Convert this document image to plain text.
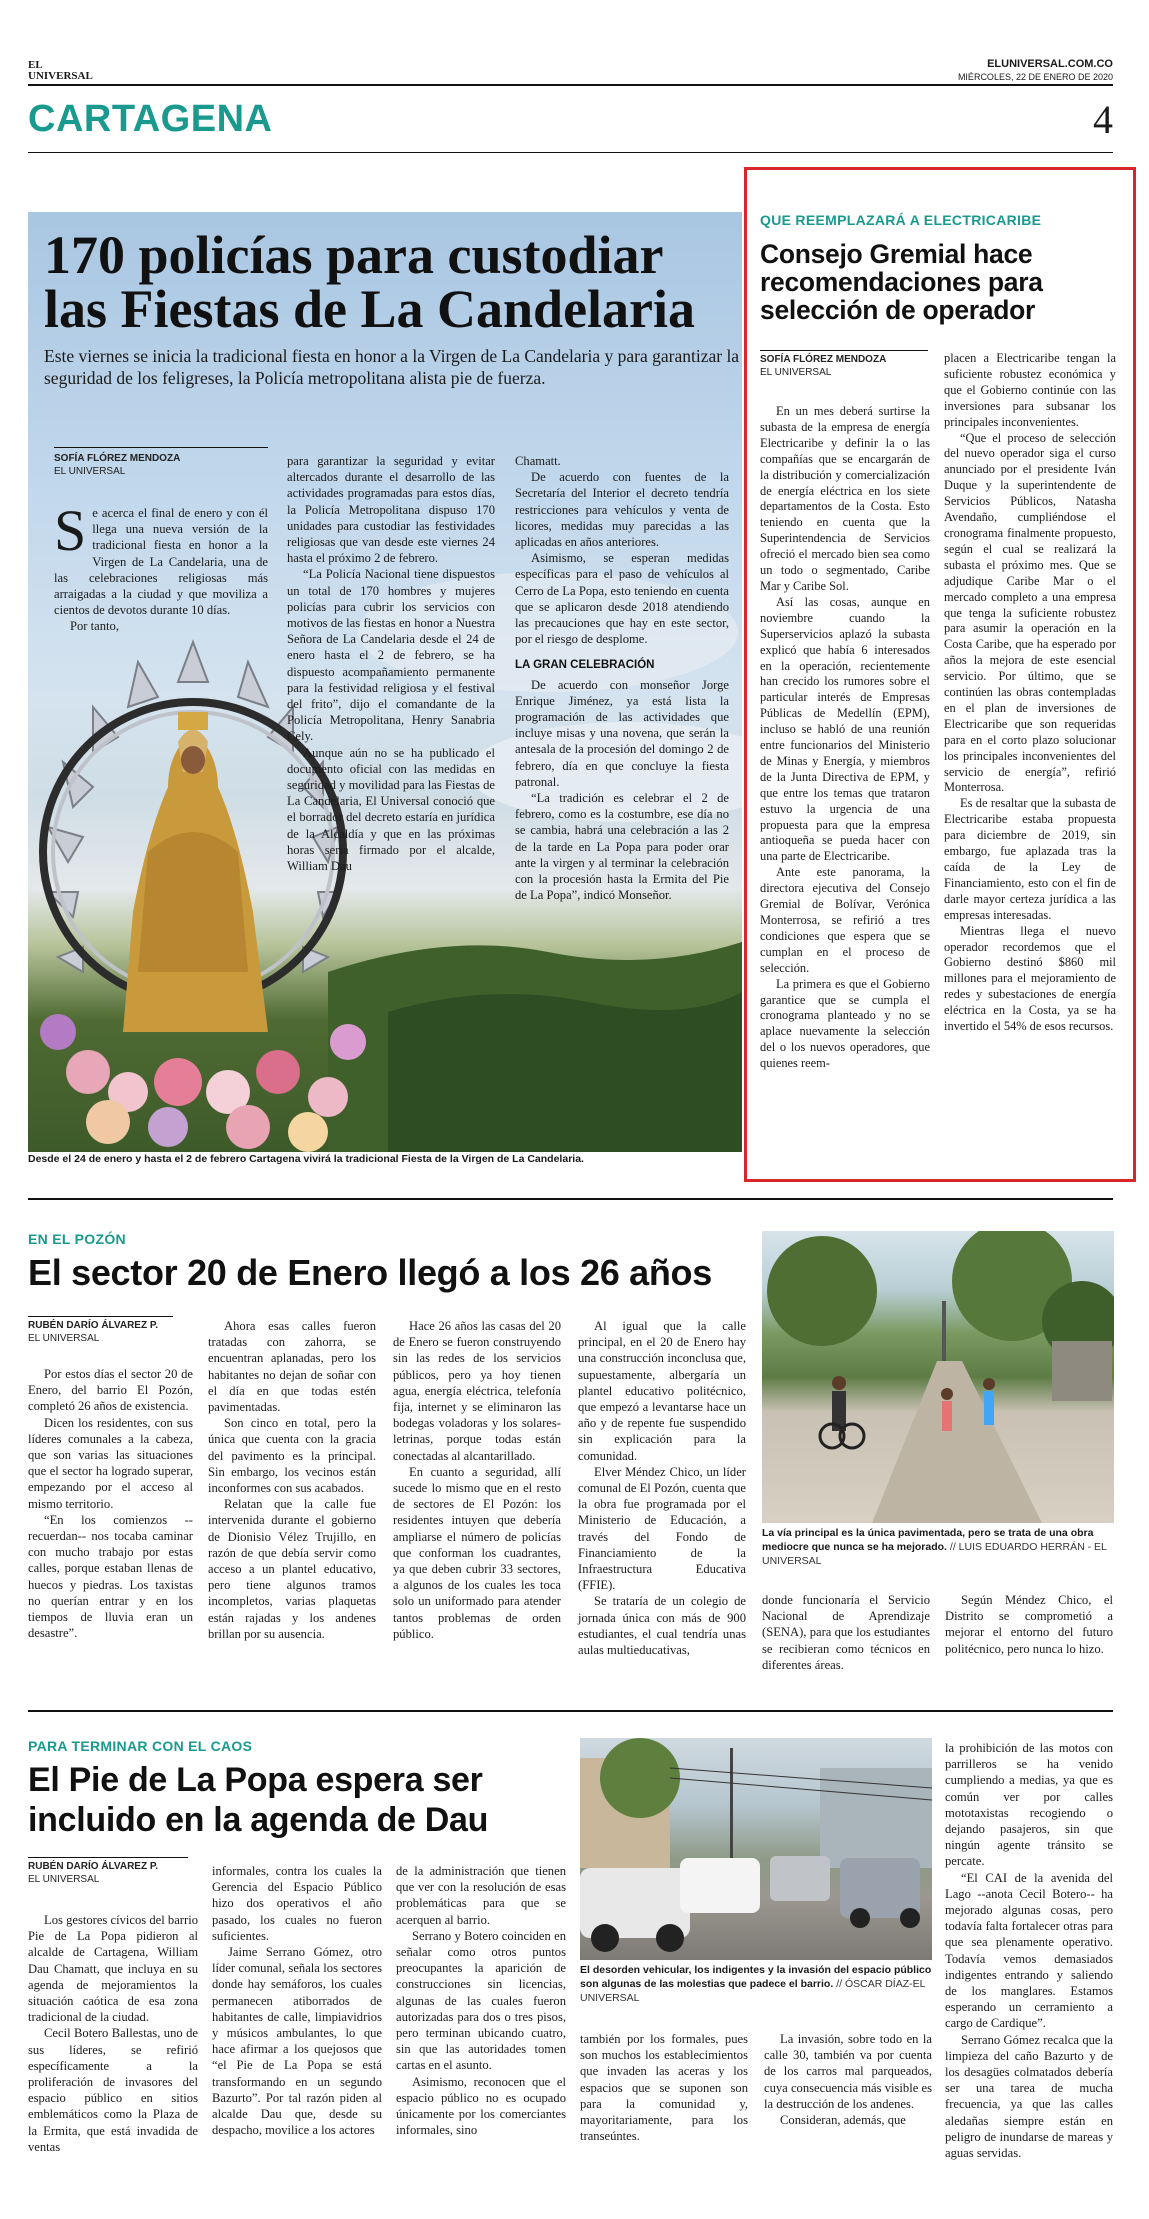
EL UNIVERSAL
ELUNIVERSAL.COM.CO
MIÉRCOLES, 22 DE ENERO DE 2020
CARTAGENA	4
170 policías para custodiar las Fiestas de La Candelaria
Este viernes se inicia la tradicional fiesta en honor a la Virgen de La Candelaria y para garantizar la seguridad de los feligreses, la Policía metropolitana alista pie de fuerza.
SOFÍA FLÓREZ MENDOZA
EL UNIVERSAL

Se acerca el final de enero y con él llega una nueva versión de la tradicional fiesta en honor a la Virgen de La Candelaria, una de las celebraciones religiosas más arraigadas a la ciudad y que moviliza a cientos de devotos durante 10 días.

Por tanto,

para garantizar la seguridad y evitar altercados durante el desarrollo de las actividades programadas para estos días, la Policía Metropolitana dispuso 170 unidades para custodiar las festividades religiosas que van desde este viernes 24 hasta el próximo 2 de febrero.

“La Policía Nacional tiene dispuestos un total de 170 hombres y mujeres policías para cubrir los servicios con motivos de las fiestas en honor a Nuestra Señora de La Candelaria desde el 24 de enero hasta el 2 de febrero, se ha dispuesto acompañamiento permanente para la festividad religiosa y el festival del frito”, dijo el comandante de la Policía Metropolitana, Henry Sanabria Cely.

Aunque aún no se ha publicado el documento oficial con las medidas en seguridad y movilidad para las Fiestas de La Candelaria, El Universal conoció que el borrador del decreto estaría en jurídica de la Alcaldía y que en las próximas horas sería firmado por el alcalde, William Dau

Chamatt.

De acuerdo con fuentes de la Secretaría del Interior el decreto tendría restricciones para vehículos y venta de licores, medidas muy parecidas a las aplicadas en años anteriores.

Asimismo, se esperan medidas específicas para el paso de vehículos al Cerro de La Popa, esto teniendo en cuenta que se aplicaron desde 2018 atendiendo las precauciones que hay en este sector, por el riesgo de desplome.

LA GRAN CELEBRACIÓN

De acuerdo con monseñor Jorge Enrique Jiménez, ya está lista la programación de las actividades que incluye misas y una novena, que serán la antesala de la procesión del domingo 2 de febrero, día en que concluye la fiesta patronal.

“La tradición es celebrar el 2 de febrero, como es la costumbre, ese día no se cambia, habrá una celebración a las 2 de la tarde en La Popa para poder orar ante la virgen y al terminar la celebración con la procesión hasta la Ermita del Pie de La Popa”, indicó Monseñor.

Desde el 24 de enero y hasta el 2 de febrero Cartagena vivirá la tradicional Fiesta de la Virgen de La Candelaria.
QUE REEMPLAZARÁ A ELECTRICARIBE
Consejo Gremial hace recomendaciones para selección de operador
SOFÍA FLÓREZ MENDOZA
EL UNIVERSAL

En un mes deberá surtirse la subasta de la empresa de energía Electricaribe y definir la o las compañías que se encargarán de la distribución y comercialización de energía eléctrica en los siete departamentos de la Costa. Esto teniendo en cuenta que la Superintendencia de Servicios ofreció el mercado bien sea como un todo o segmentado, Caribe Mar y Caribe Sol.

Así las cosas, aunque en noviembre cuando la Superservicios aplazó la subasta explicó que había 6 interesados en la operación, recientemente han crecido los rumores sobre el particular interés de Empresas Públicas de Medellín (EPM), incluso se habló de una reunión entre funcionarios del Ministerio de Minas y Energía, y miembros de la Junta Directiva de EPM, y que entre los temas que trataron estuvo la urgencia de una propuesta para que la empresa antioqueña se pueda hacer con una parte de Electricaribe.

Ante este panorama, la directora ejecutiva del Consejo Gremial de Bolívar, Verónica Monterrosa, se refirió a tres condiciones que espera que se cumplan en el proceso de selección.

La primera es que el Gobierno garantice que se cumpla el cronograma planteado y no se aplace nuevamente la selección del o los nuevos operadores, que quienes reem-

placen a Electricaribe tengan la suficiente robustez económica y que el Gobierno continúe con las inversiones para subsanar los principales inconvenientes.

“Que el proceso de selección del nuevo operador siga el curso anunciado por el presidente Iván Duque y la superintendente de Servicios Públicos, Natasha Avendaño, cumpliéndose el cronograma finalmente propuesto, según el cual se realizará la subasta el próximo mes. Que se adjudique Caribe Mar o el mercado completo a una empresa que tenga la suficiente robustez para asumir la operación en la Costa Caribe, que ha esperado por años la mejora de este esencial servicio. Por último, que se continúen las obras contempladas en el plan de inversiones de Electricaribe que son requeridas para en el corto plazo solucionar los principales inconvenientes del servicio de energía”, refirió Monterrosa.

Es de resaltar que la subasta de Electricaribe estaba propuesta para diciembre de 2019, sin embargo, fue aplazada tras la caída de la Ley de Financiamiento, esto con el fin de darle mayor certeza jurídica a las empresas interesadas.

Mientras llega el nuevo operador recordemos que el Gobierno destinó $860 mil millones para el mejoramiento de redes y subestaciones de energía eléctrica en la Costa, ya se ha invertido el 54% de esos recursos.

EN EL POZÓN
El sector 20 de Enero llegó a los 26 años
RUBÉN DARÍO ÁLVAREZ P.
EL UNIVERSAL

Por estos días el sector 20 de Enero, del barrio El Pozón, completó 26 años de existencia.

Dicen los residentes, con sus líderes comunales a la cabeza, que son varias las situaciones que el sector ha logrado superar, empezando por el acceso al mismo territorio.

“En los comienzos --recuerdan-- nos tocaba caminar con mucho trabajo por estas calles, porque estaban llenas de huecos y piedras. Los taxistas no querían entrar y en los tiempos de lluvia eran un desastre”.

Ahora esas calles fueron tratadas con zahorra, se encuentran aplanadas, pero los habitantes no dejan de soñar con el día en que todas estén pavimentadas.

Son cinco en total, pero la única que cuenta con la gracia del pavimento es la principal. Sin embargo, los vecinos están inconformes con sus acabados.

Relatan que la calle fue intervenida durante el gobierno de Dionisio Vélez Trujillo, en razón de que debía servir como acceso a un plantel educativo, pero tiene algunos tramos incompletos, varias plaquetas están rajadas y los andenes brillan por su ausencia.

Hace 26 años las casas del 20 de Enero se fueron construyendo sin las redes de los servicios públicos, pero ya hoy tienen agua, energía eléctrica, telefonía fija, internet y se eliminaron las bodegas voladoras y los solares-letrinas, porque todas están conectadas al alcantarillado.

En cuanto a seguridad, allí sucede lo mismo que en el resto de sectores de El Pozón: los residentes intuyen que debería ampliarse el número de policías que conforman los cuadrantes, ya que deben cubrir 33 sectores, a algunos de los cuales les toca solo un uniformado para atender tantos problemas de orden público.

Al igual que la calle principal, en el 20 de Enero hay una construcción inconclusa que, supuestamente, albergaría un plantel educativo politécnico, que empezó a levantarse hace un año y de repente fue suspendido sin explicación para la comunidad.

Elver Méndez Chico, un líder comunal de El Pozón, cuenta que la obra fue programada por el Ministerio de Educación, a través del Fondo de Financiamiento de la Infraestructura Educativa (FFIE).

Se trataría de un colegio de jornada única con más de 900 estudiantes, el cual tendría unas aulas multieducativas,

La vía principal es la única pavimentada, pero se trata de una obra mediocre que nunca se ha mejorado. // LUIS EDUARDO HERRÁN - EL UNIVERSAL

donde funcionaría el Servicio Nacional de Aprendizaje (SENA), para que los estudiantes se recibieran como técnicos en diferentes áreas.

Según Méndez Chico, el Distrito se comprometió a mejorar el entorno del futuro politécnico, pero nunca lo hizo.

PARA TERMINAR CON EL CAOS
El Pie de La Popa espera ser incluido en la agenda de Dau
RUBÉN DARÍO ÁLVAREZ P.
EL UNIVERSAL

Los gestores cívicos del barrio Pie de La Popa pidieron al alcalde de Cartagena, William Dau Chamatt, que incluya en su agenda de mejoramientos la situación caótica de esa zona tradicional de la ciudad.

Cecil Botero Ballestas, uno de sus líderes, se refirió específicamente a la proliferación de invasores del espacio público en sitios emblemáticos como la Plaza de la Ermita, que está invadida de ventas

informales, contra los cuales la Gerencia del Espacio Público hizo dos operativos el año pasado, los cuales no fueron suficientes.

Jaime Serrano Gómez, otro líder comunal, señala los sectores donde hay semáforos, los cuales permanecen atiborrados de habitantes de calle, limpiavidrios y músicos ambulantes, lo que hace afirmar a los quejosos que “el Pie de La Popa se está transformando en un segundo Bazurto”. Por tal razón piden al alcalde Dau que, desde su despacho, movilice a los actores

de la administración que tienen que ver con la resolución de esas problemáticas para que se acerquen al barrio.

Serrano y Botero coinciden en señalar como otros puntos preocupantes la aparición de construcciones sin licencias, algunas de las cuales fueron autorizadas para dos o tres pisos, pero terminan ubicando cuatro, sin que las autoridades tomen cartas en el asunto.

Asimismo, reconocen que el espacio público no es ocupado únicamente por los comerciantes informales, sino

El desorden vehicular, los indigentes y la invasión del espacio público son algunas de las molestias que padece el barrio. // ÓSCAR DÍAZ-EL UNIVERSAL

también por los formales, pues son muchos los establecimientos que invaden las aceras y los espacios que se suponen son para la comunidad y, mayoritariamente, para los transeúntes.

La invasión, sobre todo en la calle 30, también va por cuenta de los carros mal parqueados, cuya consecuencia más visible es la destrucción de los andenes.

Consideran, además, que

la prohibición de las motos con parrilleros se ha venido cumpliendo a medias, ya que es común ver por calles mototaxistas recogiendo o dejando pasajeros, sin que ningún agente tránsito se percate.

“El CAI de la avenida del Lago --anota Cecil Botero-- ha mejorado algunas cosas, pero todavía falta fortalecer otras para que sea plenamente operativo. Todavía vemos demasiados indigentes entrando y saliendo de los manglares. Estamos esperando un cerramiento a cargo de Cardique”.

Serrano Gómez recalca que la limpieza del caño Bazurto y de los desagües colmatados debería ser una tarea de mucha frecuencia, ya que las calles aledañas siempre están en peligro de inundarse de mareas y aguas servidas.
